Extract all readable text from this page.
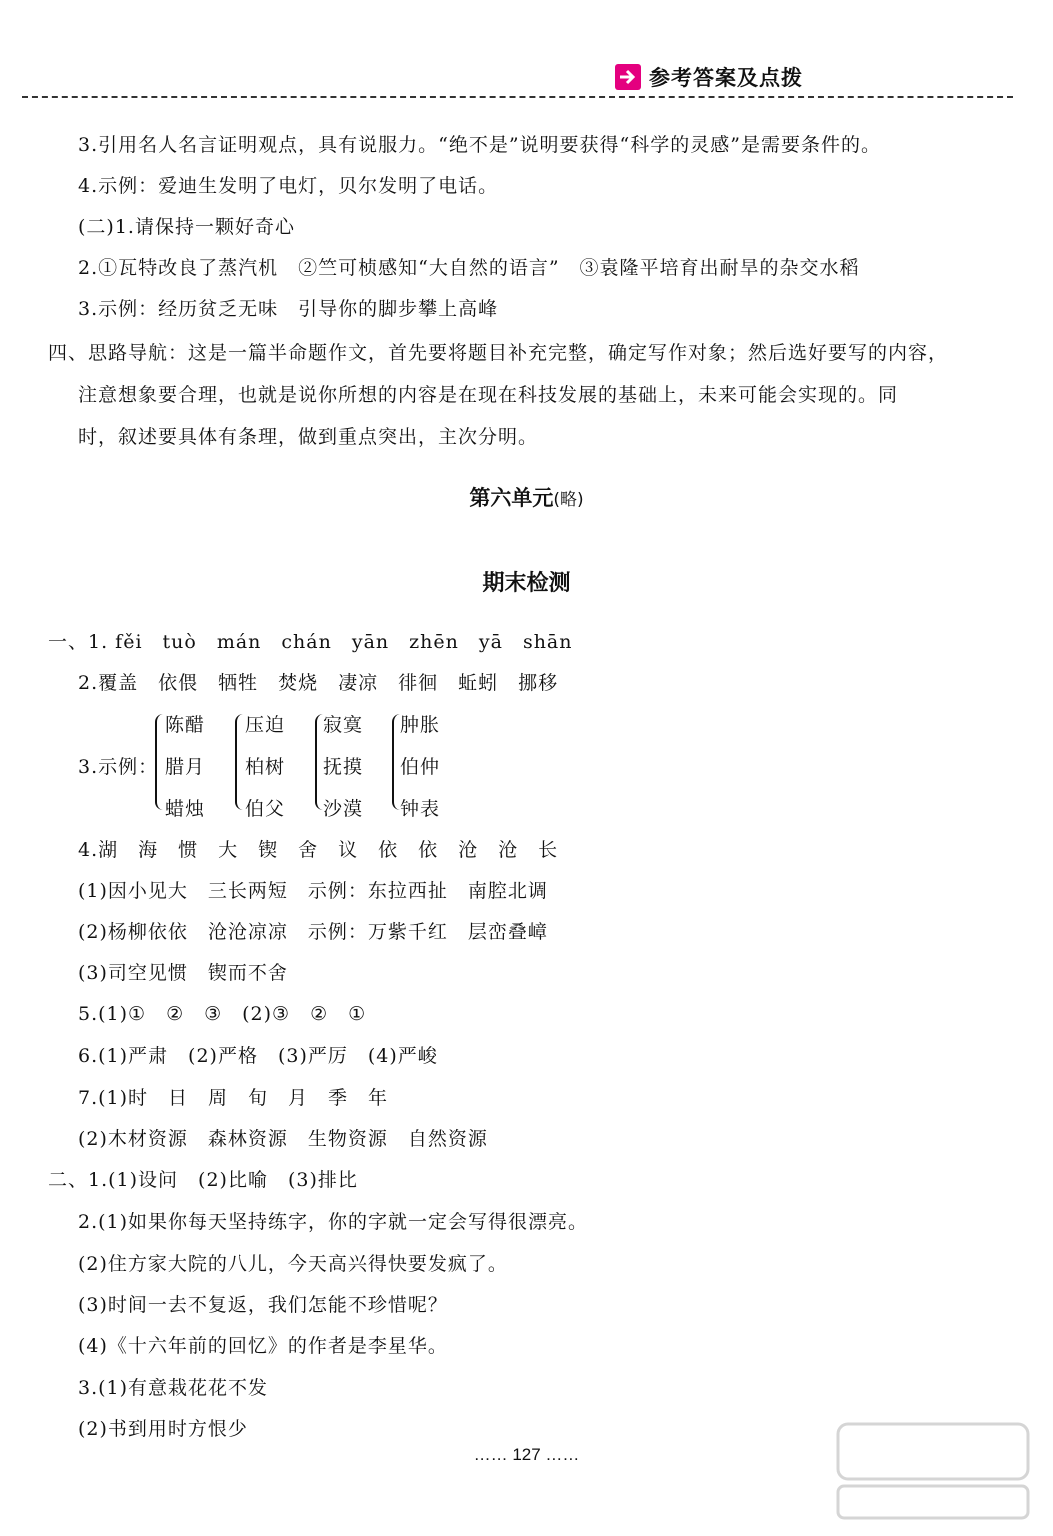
参考答案及点拨
3.引用名人名言证明观点，具有说服力。“绝不是”说明要获得“科学的灵感”是需要条件的。
4.示例：爱迪生发明了电灯，贝尔发明了电话。
(二)1.请保持一颗好奇心
2.①瓦特改良了蒸汽机　②竺可桢感知“大自然的语言”　③袁隆平培育出耐旱的杂交水稻
3.示例：经历贫乏无味　引导你的脚步攀上高峰
四、思路导航：这是一篇半命题作文，首先要将题目补充完整，确定写作对象；然后选好要写的内容，
注意想象要合理，也就是说你所想的内容是在现在科技发展的基础上，未来可能会实现的。同
时，叙述要具体有条理，做到重点突出，主次分明。
第六单元(略)
期末检测
一、1. fěi　tuò　mán　chán　yān　zhēn　yā　shān
2.覆盖　依偎　牺牲　焚烧　凄凉　徘徊　蚯蚓　挪移
3.示例：
陈醋
腊月
蜡烛
压迫
柏树
伯父
寂寞
抚摸
沙漠
肿胀
伯仲
钟表
4.湖　海　惯　大　锲　舍　议　依　依　沧　沧　长
(1)因小见大　三长两短　示例：东拉西扯　南腔北调
(2)杨柳依依　沧沧凉凉　示例：万紫千红　层峦叠嶂
(3)司空见惯　锲而不舍
5.(1)①　②　③　(2)③　②　①
6.(1)严肃　(2)严格　(3)严厉　(4)严峻
7.(1)时　日　周　旬　月　季　年
(2)木材资源　森林资源　生物资源　自然资源
二、1.(1)设问　(2)比喻　(3)排比
2.(1)如果你每天坚持练字，你的字就一定会写得很漂亮。
(2)住方家大院的八儿，今天高兴得快要发疯了。
(3)时间一去不复返，我们怎能不珍惜呢？
(4)《十六年前的回忆》的作者是李星华。
3.(1)有意栽花花不发
(2)书到用时方恨少
…… 127 ……
